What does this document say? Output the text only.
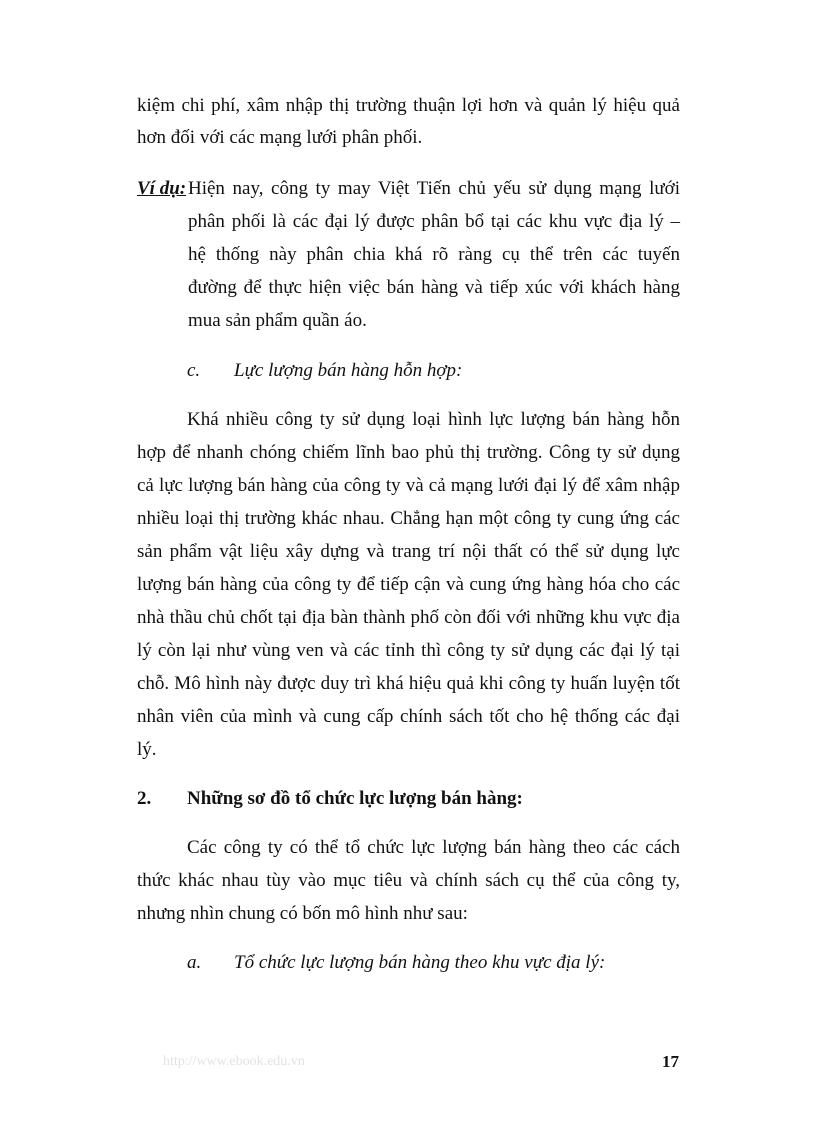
kiệm chi phí, xâm nhập thị trường thuận lợi hơn và quản lý hiệu quả
hơn đối với các mạng lưới phân phối.
Ví dụ: Hiện nay, công ty may Việt Tiến chủ yếu sử dụng mạng lưới
phân phối là các đại lý được phân bổ tại các khu vực địa lý –
hệ thống này phân chia khá rõ ràng cụ thể trên các tuyến
đường để thực hiện việc bán hàng và tiếp xúc với khách hàng
mua sản phẩm quần áo.
c. Lực lượng bán hàng hỗn hợp:
Khá nhiều công ty sử dụng loại hình lực lượng bán hàng hỗn
hợp để nhanh chóng chiếm lĩnh bao phủ thị trường. Công ty sử dụng
cả lực lượng bán hàng của công ty và cả mạng lưới đại lý để xâm nhập
nhiều loại thị trường khác nhau. Chẳng hạn một công ty cung ứng các
sản phẩm vật liệu xây dựng và trang trí nội thất có thể sử dụng lực
lượng bán hàng của công ty để tiếp cận và cung ứng hàng hóa cho các
nhà thầu chủ chốt tại địa bàn thành phố còn đối với những khu vực địa
lý còn lại như vùng ven và các tỉnh thì công ty sử dụng các đại lý tại
chỗ. Mô hình này được duy trì khá hiệu quả khi công ty huấn luyện tốt
nhân viên của mình và cung cấp chính sách tốt cho hệ thống các đại
lý.
2. Những sơ đồ tổ chức lực lượng bán hàng:
Các công ty có thể tổ chức lực lượng bán hàng theo các cách
thức khác nhau tùy vào mục tiêu và chính sách cụ thể của công ty,
nhưng nhìn chung có bốn mô hình như sau:
a. Tổ chức lực lượng bán hàng theo khu vực địa lý:
http://www.ebook.edu.vn	17
